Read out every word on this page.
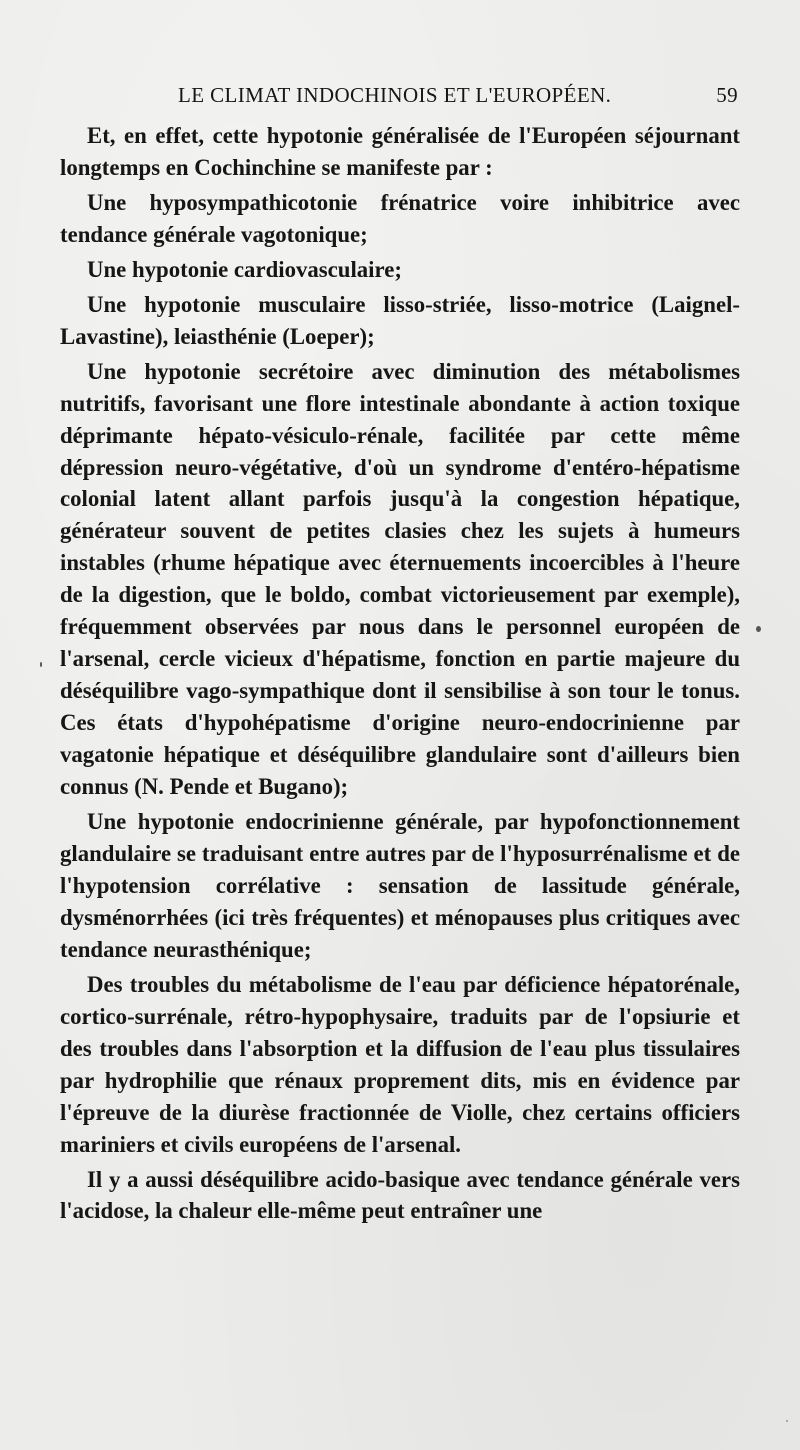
LE CLIMAT INDOCHINOIS ET L'EUROPÉEN.	59

Et, en effet, cette hypotonie généralisée de l'Européen séjournant longtemps en Cochinchine se manifeste par :

Une hyposympathicotonie frénatrice voire inhibitrice avec tendance générale vagotonique;

Une hypotonie cardiovasculaire;

Une hypotonie musculaire lisso-striée, lisso-motrice (Laignel-Lavastine), leiasthénie (Loeper);

Une hypotonie secrétoire avec diminution des métabolismes nutritifs, favorisant une flore intestinale abondante à action toxique déprimante hépato-vésiculo-rénale, facilitée par cette même dépression neuro-végétative, d'où un syndrome d'entéro-hépatisme colonial latent allant parfois jusqu'à la congestion hépatique, générateur souvent de petites clasies chez les sujets à humeurs instables (rhume hépatique avec éternuements incoercibles à l'heure de la digestion, que le boldo, combat victorieusement par exemple), fréquemment observées par nous dans le personnel européen de l'arsenal, cercle vicieux d'hépatisme, fonction en partie majeure du déséquilibre vago-sympathique dont il sensibilise à son tour le tonus. Ces états d'hypohépatisme d'origine neuro-endocrinienne par vagatonie hépatique et déséquilibre glandulaire sont d'ailleurs bien connus (N. Pende et Bugano);

Une hypotonie endocrinienne générale, par hypofonctionnement glandulaire se traduisant entre autres par de l'hyposurrénalisme et de l'hypotension corrélative : sensation de lassitude générale, dysménorrhées (ici très fréquentes) et ménopauses plus critiques avec tendance neurasthénique;

Des troubles du métabolisme de l'eau par déficience hépatorénale, cortico-surrénale, rétro-hypophysaire, traduits par de l'opsiurie et des troubles dans l'absorption et la diffusion de l'eau plus tissulaires par hydrophilie que rénaux proprement dits, mis en évidence par l'épreuve de la diurèse fractionnée de Violle, chez certains officiers mariniers et civils européens de l'arsenal.

Il y a aussi déséquilibre acido-basique avec tendance générale vers l'acidose, la chaleur elle-même peut entraîner une
